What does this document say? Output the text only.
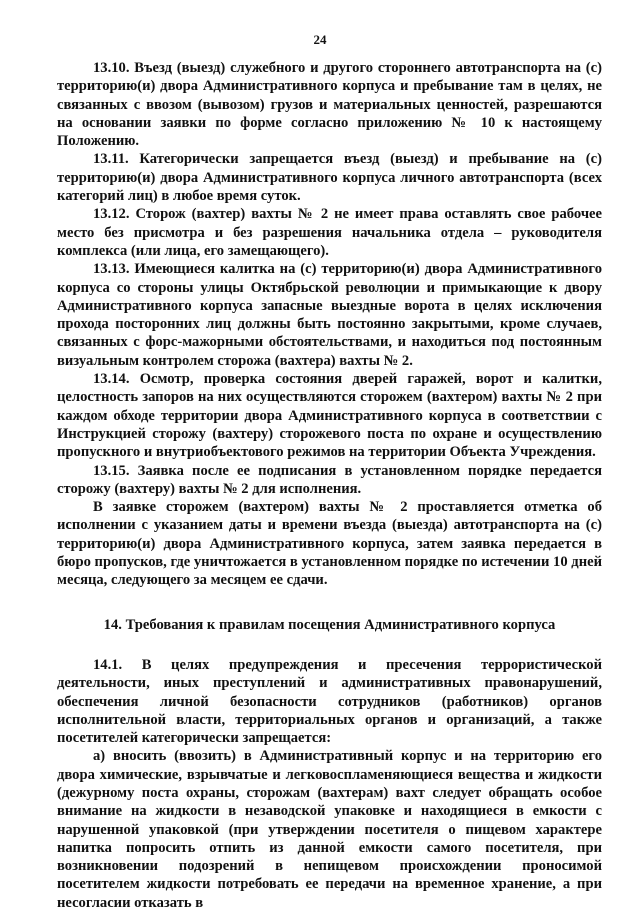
24

13.10. Въезд (выезд) служебного и другого стороннего автотранспорта на (с) территорию(и) двора Административного корпуса и пребывание там в целях, не связанных с ввозом (вывозом) грузов и материальных ценностей, разрешаются на основании заявки по форме согласно приложению № 10 к настоящему Положению.

13.11. Категорически запрещается въезд (выезд) и пребывание на (с) территорию(и) двора Административного корпуса личного автотранспорта (всех категорий лиц) в любое время суток.

13.12. Сторож (вахтер) вахты № 2 не имеет права оставлять свое рабочее место без присмотра и без разрешения начальника отдела – руководителя комплекса (или лица, его замещающего).

13.13. Имеющиеся калитка на (с) территорию(и) двора Административного корпуса со стороны улицы Октябрьской революции и примыкающие к двору Административного корпуса запасные выездные ворота в целях исключения прохода посторонних лиц должны быть постоянно закрытыми, кроме случаев, связанных с форс-мажорными обстоятельствами, и находиться под постоянным визуальным контролем сторожа (вахтера) вахты № 2.

13.14. Осмотр, проверка состояния дверей гаражей, ворот и калитки, целостность запоров на них осуществляются сторожем (вахтером) вахты № 2 при каждом обходе территории двора Административного корпуса в соответствии с Инструкцией сторожу (вахтеру) сторожевого поста по охране и осуществлению пропускного и внутриобъектового режимов на территории Объекта Учреждения.

13.15. Заявка после ее подписания в установленном порядке передается сторожу (вахтеру) вахты № 2 для исполнения.

В заявке сторожем (вахтером) вахты № 2 проставляется отметка об исполнении с указанием даты и времени въезда (выезда) автотранспорта на (с) территорию(и) двора Административного корпуса, затем заявка передается в бюро пропусков, где уничтожается в установленном порядке по истечении 10 дней месяца, следующего за месяцем ее сдачи.

14. Требования к правилам посещения Административного корпуса

14.1. В целях предупреждения и пресечения террористической деятельности, иных преступлений и административных правонарушений, обеспечения личной безопасности сотрудников (работников) органов исполнительной власти, территориальных органов и организаций, а также посетителей категорически запрещается:

а) вносить (ввозить) в Административный корпус и на территорию его двора химические, взрывчатые и легковоспламеняющиеся вещества и жидкости (дежурному поста охраны, сторожам (вахтерам) вахт следует обращать особое внимание на жидкости в незаводской упаковке и находящиеся в емкости с нарушенной упаковкой (при утверждении посетителя о пищевом характере напитка попросить отпить из данной емкости самого посетителя, при возникновении подозрений в непищевом происхождении проносимой посетителем жидкости потребовать ее передачи на временное хранение, а при несогласии отказать в
